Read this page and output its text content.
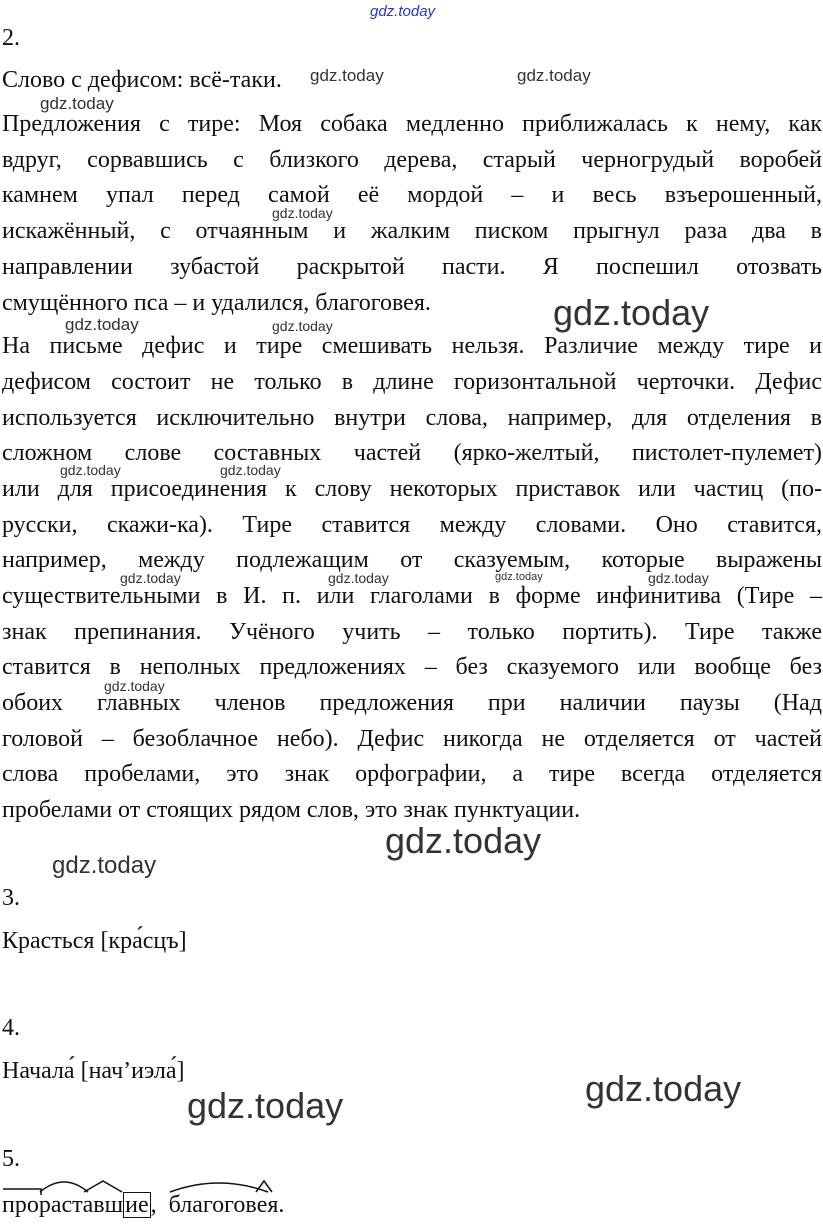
gdz.today
gdz.today	gdz.today
gdz.today
gdz.today
gdz.today
gdz.today	gdz.today
gdz.today	gdz.today
gdz.today	gdz.today	gdz.today	gdz.today
gdz.today
gdz.today
gdz.today
gdz.today
gdz.today
2.
Слово с дефисом: всё-таки.
Предложения с тире: Моя собака медленно приближалась к нему, как
вдруг, сорвавшись с близкого дерева, старый черногрудый воробей
камнем упал перед самой её мордой – и весь взъерошенный,
искажённый, с отчаянным и жалким писком прыгнул раза два в
направлении зубастой раскрытой пасти. Я поспешил отозвать
смущённого пса – и удалился, благоговея.
На письме дефис и тире смешивать нельзя. Различие между тире и
дефисом состоит не только в длине горизонтальной черточки. Дефис
используется исключительно внутри слова, например, для отделения в
сложном слове составных частей (ярко-желтый, пистолет-пулемет)
или для присоединения к слову некоторых приставок или частиц (по-
русски, скажи-ка). Тире ставится между словами. Оно ставится,
например, между подлежащим от сказуемым, которые выражены
существительными в И. п. или глаголами в форме инфинитива (Тире –
знак препинания. Учёного учить – только портить). Тире также
ставится в неполных предложениях – без сказуемого или вообще без
обоих главных членов предложения при наличии паузы (Над
головой – безоблачное небо). Дефис никогда не отделяется от частей
слова пробелами, это знак орфографии, а тире всегда отделяется
пробелами от стоящих рядом слов, это знак пунктуации.
3.
Красться [кра́сцъ]
4.
Начала́ [нач’иэла́]
5.
про
раст
авш
ие, благогов
е
я.
